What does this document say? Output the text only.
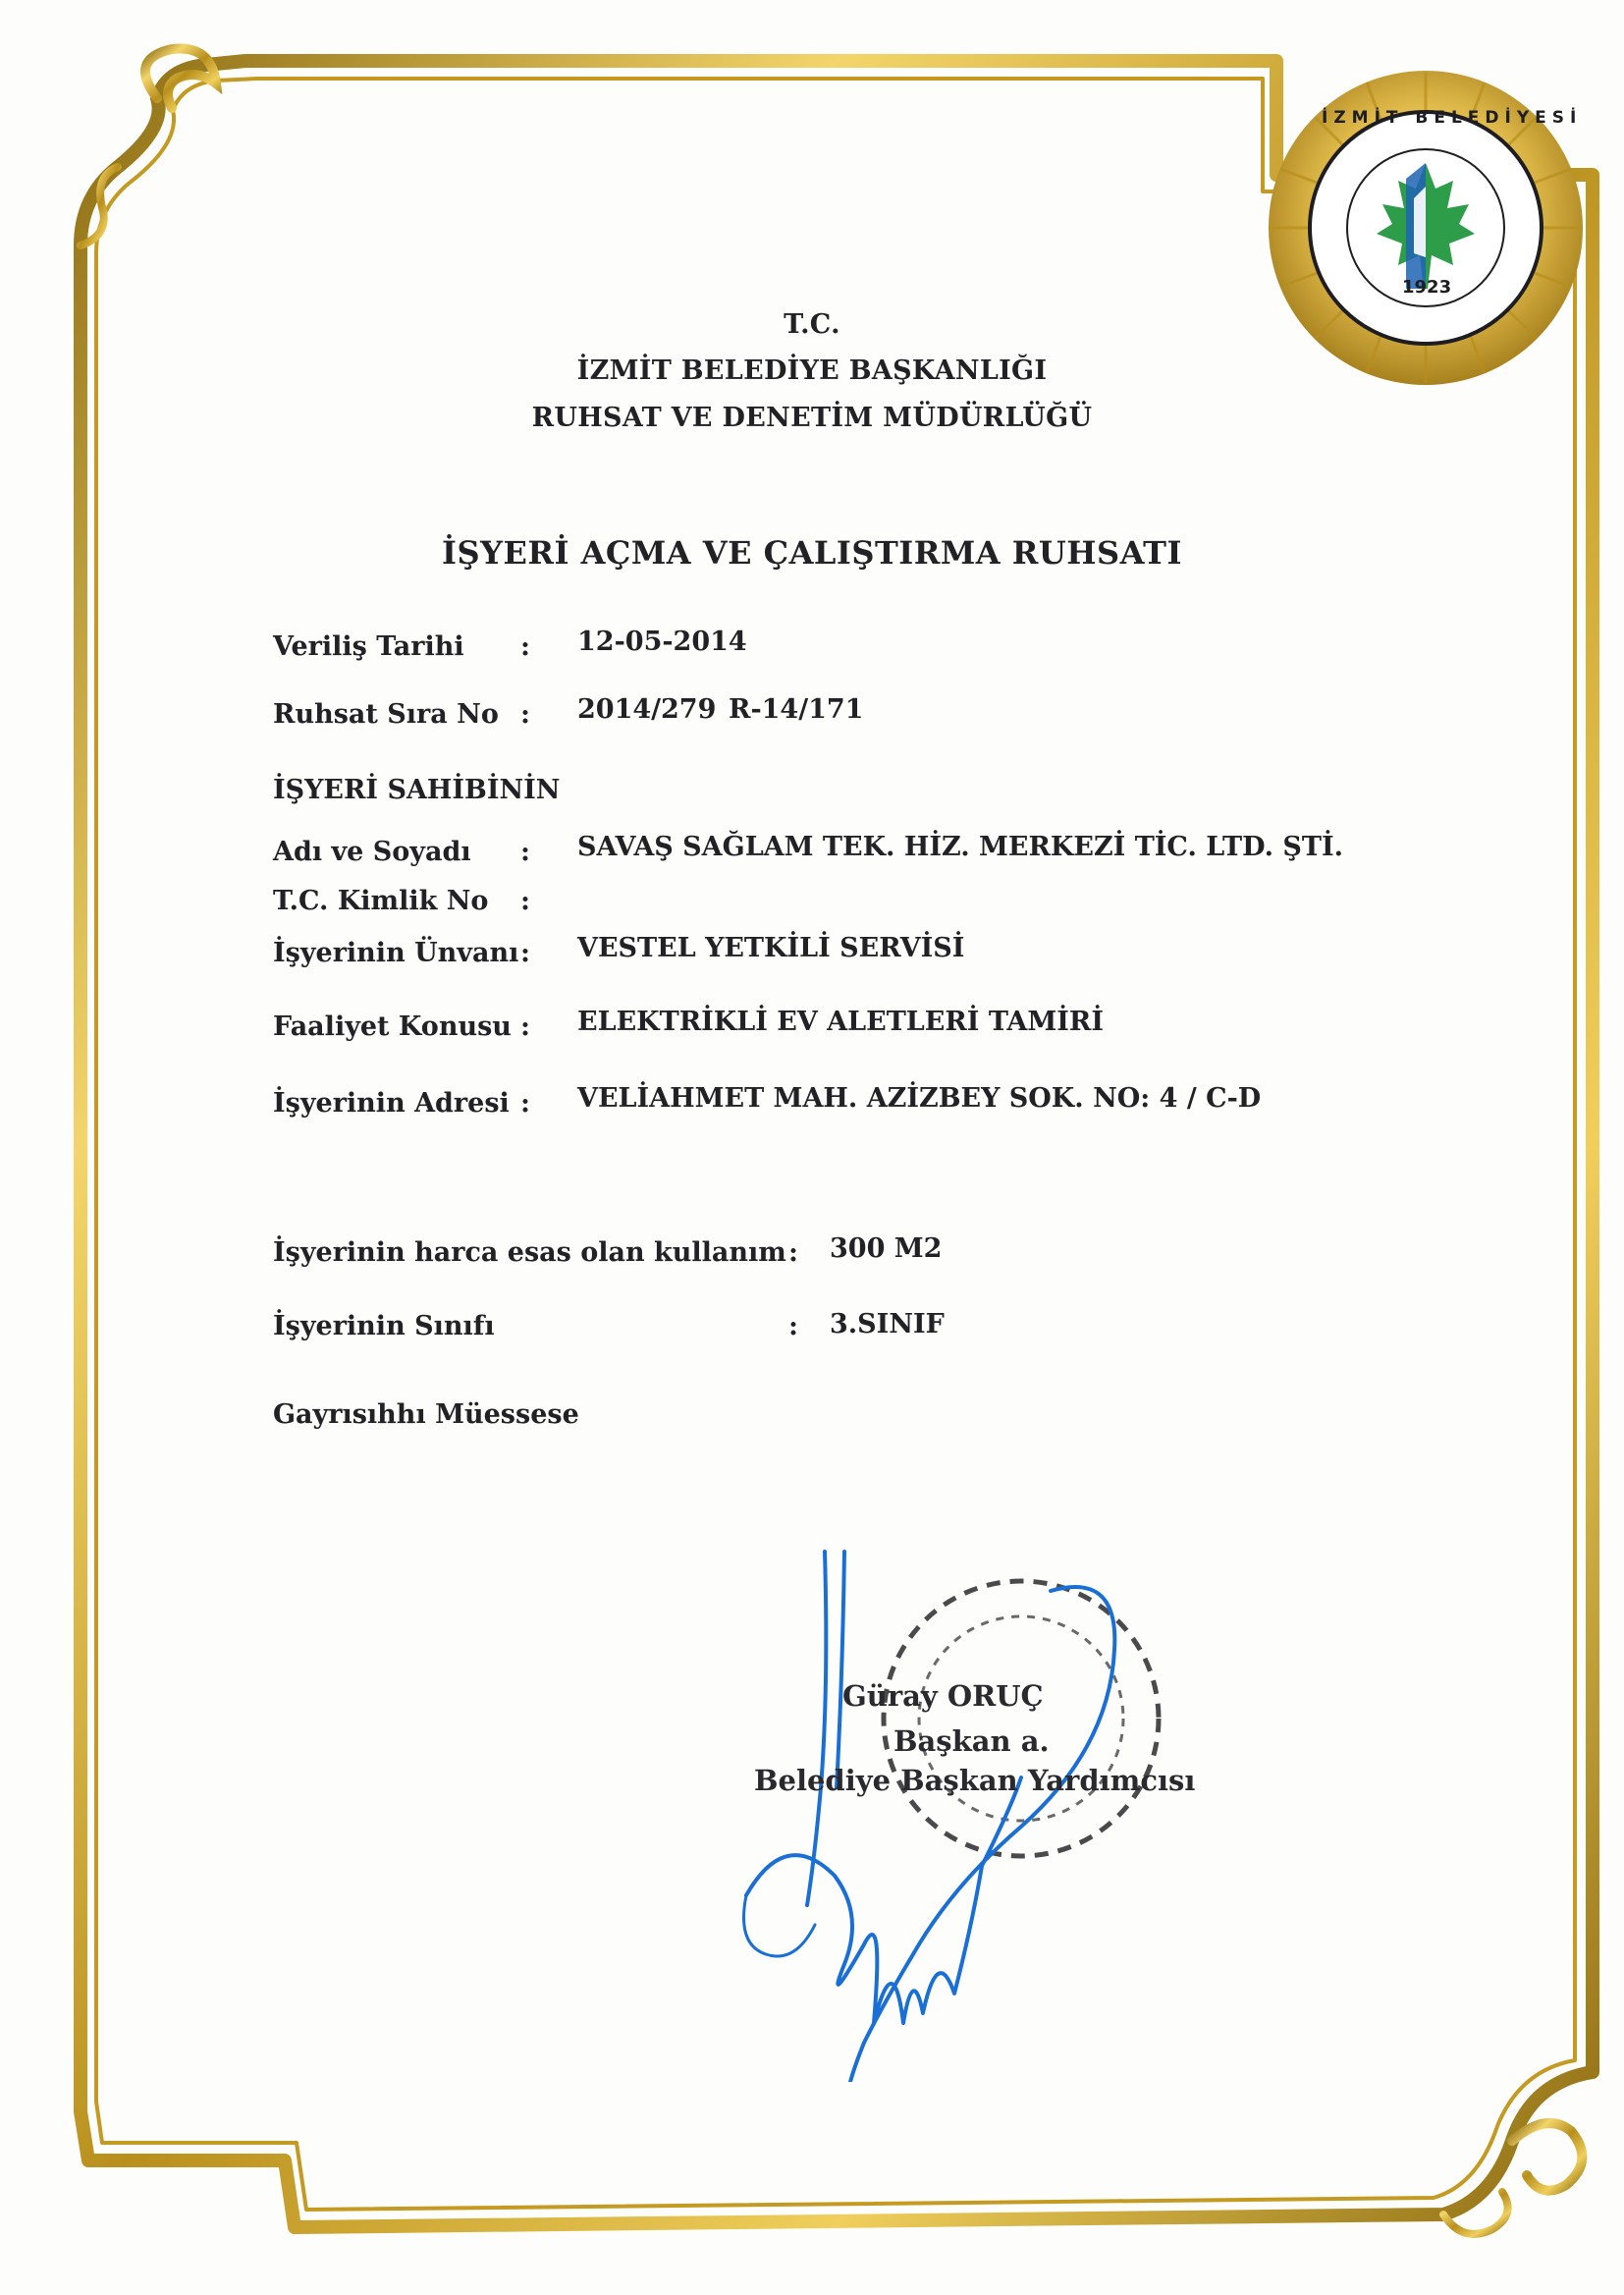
İZMİT BELEDİYESİ
1923
T.C.
İZMİT BELEDİYE BAŞKANLIĞI
RUHSAT VE DENETİM MÜDÜRLÜĞÜ
İŞYERİ AÇMA VE ÇALIŞTIRMA RUHSATI
Veriliş Tarihi : 12-05-2014
Ruhsat Sıra No : 2014/279 R-14/171
İŞYERİ SAHİBİNİN
Adı ve Soyadı : SAVAŞ SAĞLAM TEK. HİZ. MERKEZİ TİC. LTD. ŞTİ.
T.C. Kimlik No :
İşyerinin Ünvanı : VESTEL YETKİLİ SERVİSİ
Faaliyet Konusu : ELEKTRİKLİ EV ALETLERİ TAMİRİ
İşyerinin Adresi : VELİAHMET MAH. AZİZBEY SOK. NO: 4 / C-D
İşyerinin harca esas olan kullanım : 300 M2
İşyerinin Sınıfı	: 3.SINIF
Gayrısıhhı Müessese
Güray ORUÇ
Başkan a.
Belediye Başkan Yardımcısı
